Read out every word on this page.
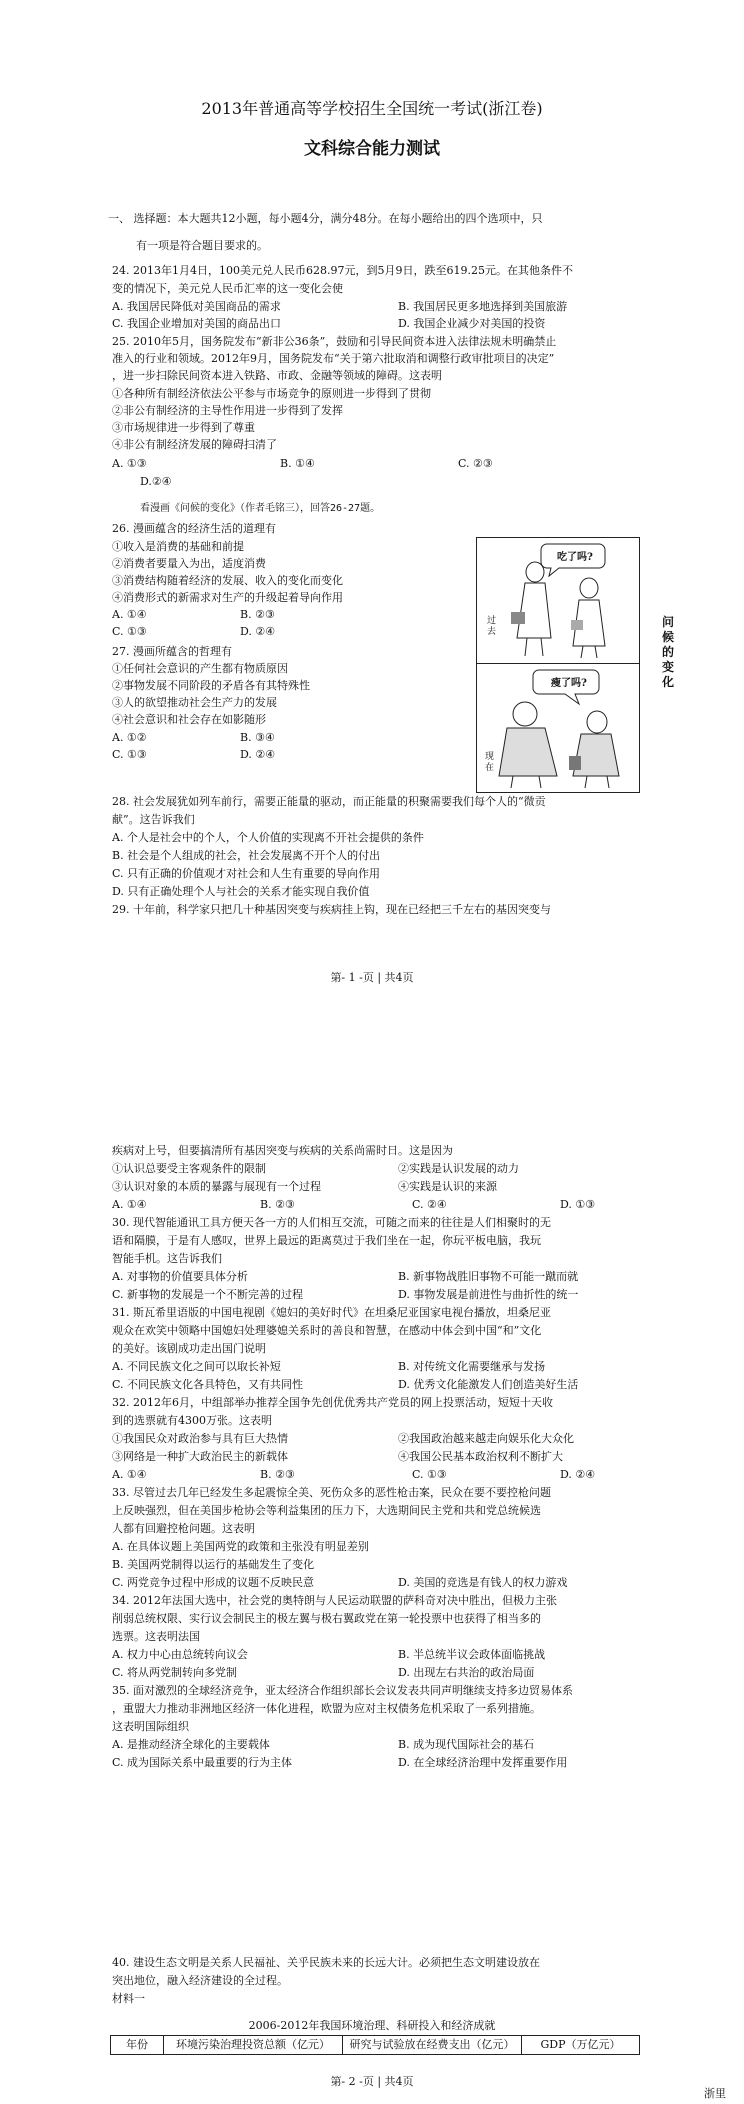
2013年普通高等学校招生全国统一考试(浙江卷)
文科综合能力测试
一、 选择题：本大题共12小题，每小题4分，满分48分。在每小题给出的四个选项中，只
有一项是符合题目要求的。
24. 2013年1月4日，100美元兑人民币628.97元，到5月9日，跌至619.25元。在其他条件不
变的情况下，美元兑人民币汇率的这一变化会使
A. 我国居民降低对美国商品的需求	B. 我国居民更多地选择到美国旅游
C. 我国企业增加对美国的商品出口	D. 我国企业减少对美国的投资
25. 2010年5月，国务院发布“新非公36条”，鼓励和引导民间资本进入法律法规未明确禁止
准入的行业和领域。2012年9月，国务院发布“关于第六批取消和调整行政审批项目的决定”
，进一步扫除民间资本进入铁路、市政、金融等领域的障碍。这表明
①各种所有制经济依法公平参与市场竞争的原则进一步得到了贯彻
②非公有制经济的主导性作用进一步得到了发挥
③市场规律进一步得到了尊重
④非公有制经济发展的障碍扫清了
A. ①③	B. ①④	C. ②③
D.②④
看漫画《问候的变化》（作者毛铭三），回答26-27题。
26. 漫画蕴含的经济生活的道理有
①收入是消费的基础和前提
②消费者要量入为出，适度消费
③消费结构随着经济的发展、收入的变化而变化
④消费形式的新需求对生产的升级起着导向作用
A. ①④	B. ②③
C. ①③	D. ②④
27. 漫画所蕴含的哲理有
①任何社会意识的产生都有物质原因
②事物发展不同阶段的矛盾各有其特殊性
③人的欲望推动社会生产力的发展
④社会意识和社会存在如影随形
A. ①②	B. ③④
C. ①③	D. ②④
吃了吗?
过去
瘦了吗?
现在
问候的变化
28. 社会发展犹如列车前行，需要正能量的驱动，而正能量的积聚需要我们每个人的“微贡
献”。这告诉我们
A. 个人是社会中的个人，个人价值的实现离不开社会提供的条件
B. 社会是个人组成的社会，社会发展离不开个人的付出
C. 只有正确的价值观才对社会和人生有重要的导向作用
D. 只有正确处理个人与社会的关系才能实现自我价值
29. 十年前，科学家只把几十种基因突变与疾病挂上钩，现在已经把三千左右的基因突变与
第- 1 -页 | 共4页
疾病对上号，但要搞清所有基因突变与疾病的关系尚需时日。这是因为
①认识总要受主客观条件的限制	②实践是认识发展的动力
③认识对象的本质的暴露与展现有一个过程	④实践是认识的来源
A. ①④	B. ②③	C. ②④	D. ①③
30. 现代智能通讯工具方便天各一方的人们相互交流，可随之而来的往往是人们相聚时的无
语和隔膜，于是有人感叹，世界上最远的距离莫过于我们坐在一起，你玩平板电脑，我玩
智能手机。这告诉我们
A. 对事物的价值要具体分析	B. 新事物战胜旧事物不可能一蹴而就
C. 新事物的发展是一个不断完善的过程	D. 事物发展是前进性与曲折性的统一
31. 斯瓦希里语版的中国电视剧《媳妇的美好时代》在坦桑尼亚国家电视台播放，坦桑尼亚
观众在欢笑中领略中国媳妇处理婆媳关系时的善良和智慧，在感动中体会到中国“和”文化
的美好。该剧成功走出国门说明
A. 不同民族文化之间可以取长补短	B. 对传统文化需要继承与发扬
C. 不同民族文化各具特色，又有共同性	D. 优秀文化能激发人们创造美好生活
32. 2012年6月，中组部举办推荐全国争先创优优秀共产党员的网上投票活动，短短十天收
到的选票就有4300万张。这表明
①我国民众对政治参与具有巨大热情	②我国政治越来越走向娱乐化大众化
③网络是一种扩大政治民主的新载体	④我国公民基本政治权利不断扩大
A. ①④	B. ②③	C. ①③	D. ②④
33. 尽管过去几年已经发生多起震惊全美、死伤众多的恶性枪击案，民众在要不要控枪问题
上反映强烈，但在美国步枪协会等利益集团的压力下，大选期间民主党和共和党总统候选
人都有回避控枪问题。这表明
A. 在具体议题上美国两党的政策和主张没有明显差别
B. 美国两党制得以运行的基础发生了变化
C. 两党竞争过程中形成的议题不反映民意	D. 美国的竞选是有钱人的权力游戏
34. 2012年法国大选中，社会党的奥特朗与人民运动联盟的萨科奇对决中胜出，但极力主张
削弱总统权限、实行议会制民主的极左翼与极右翼政党在第一轮投票中也获得了相当多的
选票。这表明法国
A. 权力中心由总统转向议会	B. 半总统半议会政体面临挑战
C. 将从两党制转向多党制	D. 出现左右共治的政治局面
35. 面对激烈的全球经济竞争，亚太经济合作组织部长会议发表共同声明继续支持多边贸易体系
，重盟大力推动非洲地区经济一体化进程，欧盟为应对主权债务危机采取了一系列措施。
这表明国际组织
A. 是推动经济全球化的主要载体	B. 成为现代国际社会的基石
C. 成为国际关系中最重要的行为主体	D. 在全球经济治理中发挥重要作用
40. 建设生态文明是关系人民福祉、关乎民族未来的长远大计。必须把生态文明建设放在
突出地位，融入经济建设的全过程。
材料一
2006-2012年我国环境治理、科研投入和经济成就
年份	环境污染治理投资总额（亿元）	研究与试验放在经费支出（亿元）	GDP（万亿元）
第- 2 -页 | 共4页
浙里
